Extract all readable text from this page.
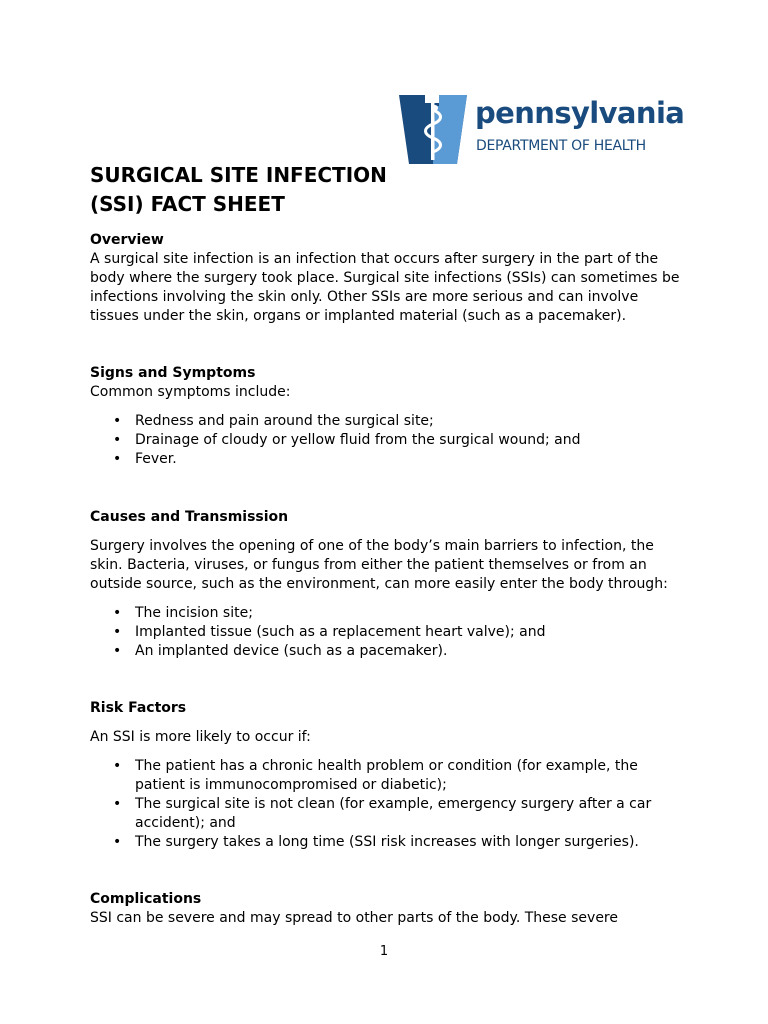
pennsylvania
DEPARTMENT OF HEALTH
SURGICAL SITE INFECTION
(SSI) FACT SHEET
Overview

A surgical site infection is an infection that occurs after surgery in the part of the body where the surgery took place. Surgical site infections (SSIs) can sometimes be infections involving the skin only. Other SSIs are more serious and can involve tissues under the skin, organs or implanted material (such as a pacemaker).

Signs and Symptoms

Common symptoms include:

• Redness and pain around the surgical site;
• Drainage of cloudy or yellow fluid from the surgical wound; and
• Fever.
Causes and Transmission

Surgery involves the opening of one of the body’s main barriers to infection, the skin. Bacteria, viruses, or fungus from either the patient themselves or from an outside source, such as the environment, can more easily enter the body through:

• The incision site;
• Implanted tissue (such as a replacement heart valve); and
• An implanted device (such as a pacemaker).
Risk Factors

An SSI is more likely to occur if:

• The patient has a chronic health problem or condition (for example, the patient is immunocompromised or diabetic);
• The surgical site is not clean (for example, emergency surgery after a car accident); and
• The surgery takes a long time (SSI risk increases with longer surgeries).
Complications

SSI can be severe and may spread to other parts of the body. These severe

1
